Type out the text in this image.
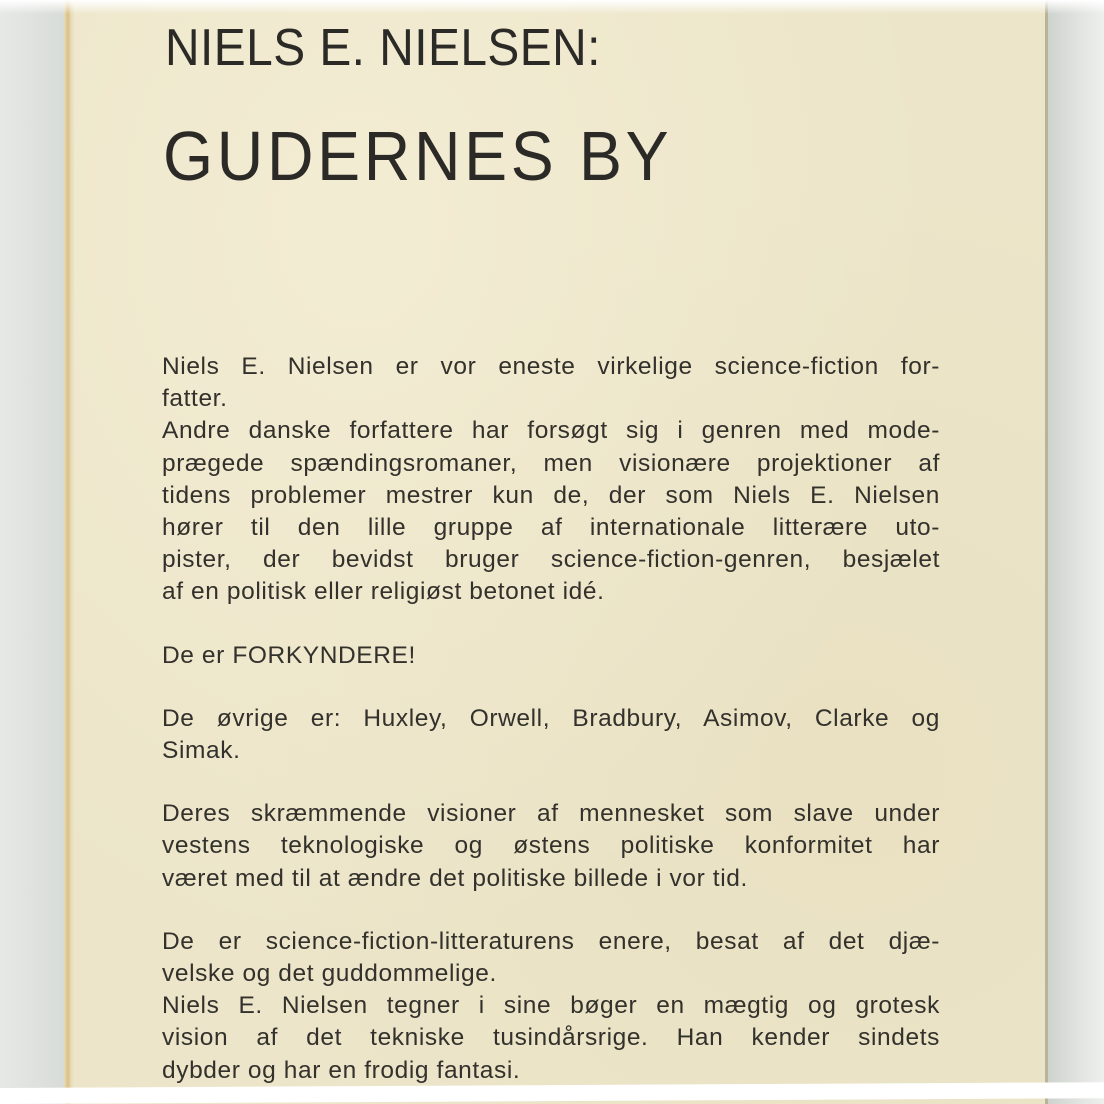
NIELS E. NIELSEN:
GUDERNES BY

Niels E. Nielsen er vor eneste virkelige science-fiction for-
fatter.
Andre danske forfattere har forsøgt sig i genren med mode-
prægede spændingsromaner, men visionære projektioner af
tidens problemer mestrer kun de, der som Niels E. Nielsen
hører til den lille gruppe af internationale litterære uto-
pister, der bevidst bruger science-fiction-genren, besjælet
af en politisk eller religiøst betonet idé.

De er FORKYNDERE!

De øvrige er: Huxley, Orwell, Bradbury, Asimov, Clarke og
Simak.

Deres skræmmende visioner af mennesket som slave under
vestens teknologiske og østens politiske konformitet har
været med til at ændre det politiske billede i vor tid.

De er science-fiction-litteraturens enere, besat af det djæ-
velske og det guddommelige.
Niels E. Nielsen tegner i sine bøger en mægtig og grotesk
vision af det tekniske tusindårsrige. Han kender sindets
dybder og har en frodig fantasi.
